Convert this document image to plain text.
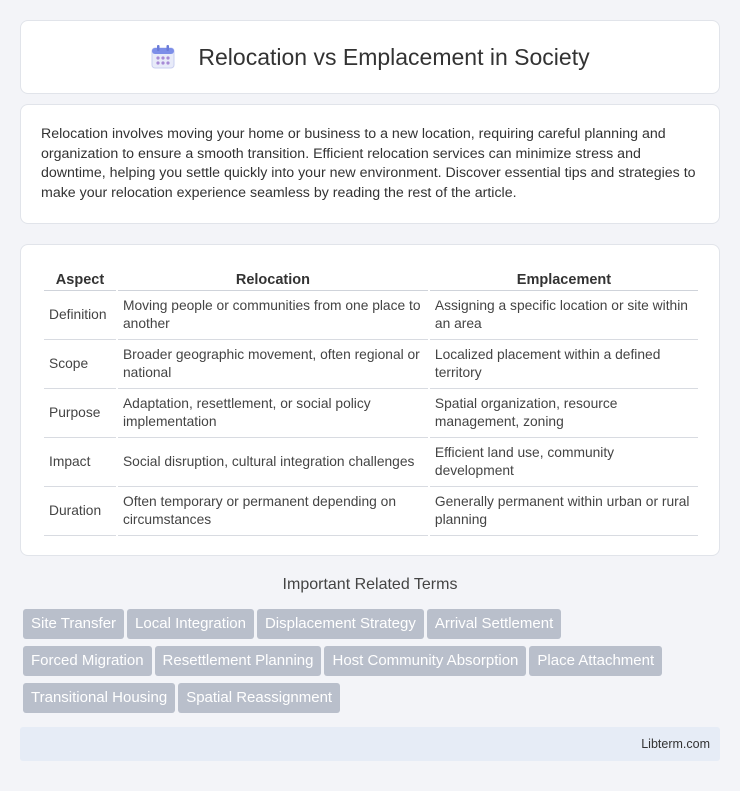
Relocation vs Emplacement in Society

Relocation involves moving your home or business to a new location, requiring careful planning and organization to ensure a smooth transition. Efficient relocation services can minimize stress and downtime, helping you settle quickly into your new environment. Discover essential tips and strategies to make your relocation experience seamless by reading the rest of the article.

Aspect	Relocation	Emplacement
Definition	Moving people or communities from one place to another	Assigning a specific location or site within an area
Scope	Broader geographic movement, often regional or national	Localized placement within a defined territory
Purpose	Adaptation, resettlement, or social policy implementation	Spatial organization, resource management, zoning
Impact	Social disruption, cultural integration challenges	Efficient land use, community development
Duration	Often temporary or permanent depending on circumstances	Generally permanent within urban or rural planning
Important Related Terms
Site Transfer Local Integration Displacement Strategy Arrival Settlement
Forced Migration Resettlement Planning Host Community Absorption Place Attachment
Transitional Housing Spatial Reassignment
Libterm.com
